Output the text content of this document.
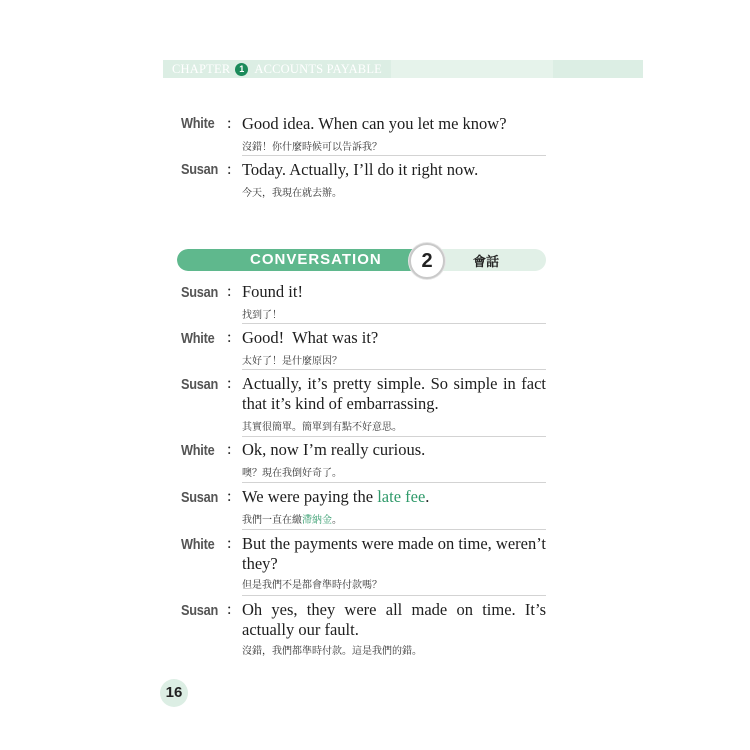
CHAPTER 1 ACCOUNTS PAYABLE
White : Good idea. When can you let me know?
沒錯！你什麼時候可以告訴我？
Susan : Today. Actually, I’ll do it right now.
今天，我現在就去辦。
CONVERSATION	2	會話
Susan : Found it!
找到了！
White : Good!  What was it?
太好了！是什麼原因？
Susan : Actually, it’s pretty simple. So simple in fact that it’s kind of embarrassing.
其實很簡單。簡單到有點不好意思。
White : Ok, now I’m really curious.
噢？現在我倒好奇了。
Susan : We were paying the late fee.
我們一直在繳滯納金。
White : But the payments were made on time, weren’t they?
但是我們不是都會準時付款嗎？
Susan : Oh yes, they were all made on time. It’s actually our fault.
沒錯，我們都準時付款。這是我們的錯。
16
